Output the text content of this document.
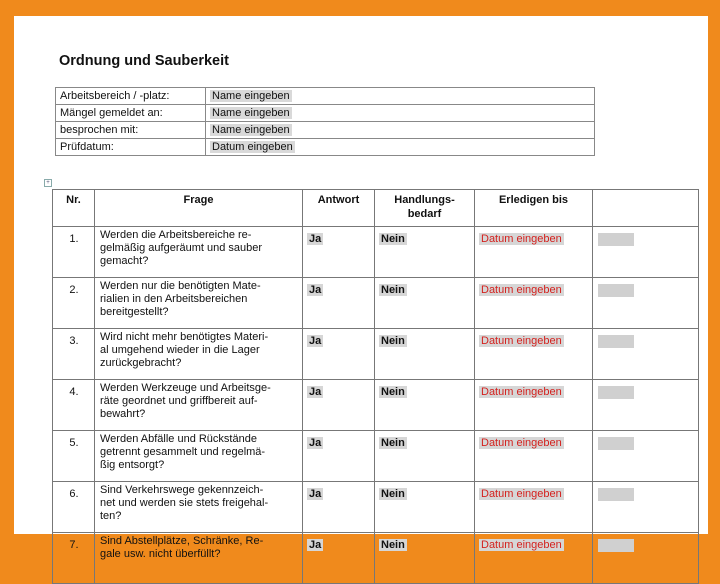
Ordnung und Sauberkeit
Arbeitsbereich / -platz:	Name eingeben
Mängel gemeldet an:	Name eingeben
besprochen mit:	Name eingeben
Prüfdatum:	Datum eingeben
+
Nr.	Frage	Antwort	Handlungs-
bedarf	Erledigen bis	
1.	Werden die Arbeitsbereiche re-
gelmäßig aufgeräumt und sauber
gemacht?	Ja	Nein	Datum eingeben	
2.	Werden nur die benötigten Mate-
rialien in den Arbeitsbereichen
bereitgestellt?	Ja	Nein	Datum eingeben	
3.	Wird nicht mehr benötigtes Materi-
al umgehend wieder in die Lager
zurückgebracht?	Ja	Nein	Datum eingeben	
4.	Werden Werkzeuge und Arbeitsge-
räte geordnet und griffbereit auf-
bewahrt?	Ja	Nein	Datum eingeben	
5.	Werden Abfälle und Rückstände
getrennt gesammelt und regelmä-
ßig entsorgt?	Ja	Nein	Datum eingeben	
6.	Sind Verkehrswege gekennzeich-
net und werden sie stets freigehal-
ten?	Ja	Nein	Datum eingeben	
7.	Sind Abstellplätze, Schränke, Re-
gale usw. nicht überfüllt?	Ja	Nein	Datum eingeben	
